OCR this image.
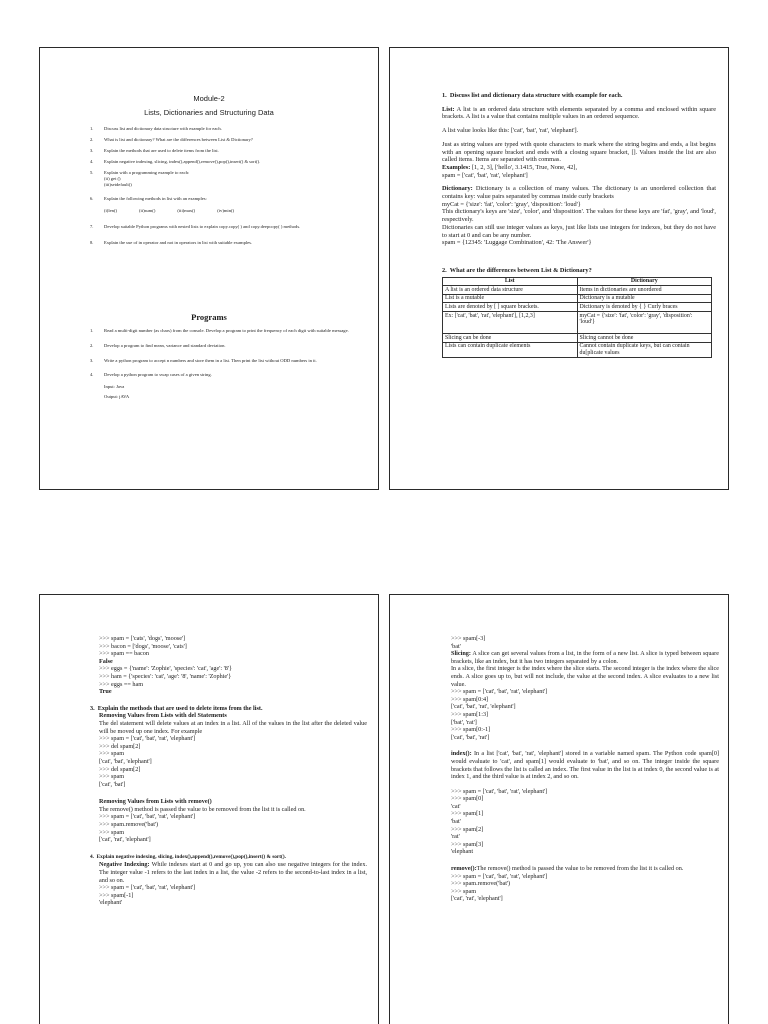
Module-2
Lists, Dictionaries and Structuring Data
1. Discuss list and dictionary data structure with example for each.
2. What is list and dictionary? What are the differences between List & Dictionary?
3. Explain the methods that are used to delete items from the list.
4. Explain negative indexing, slicing, index(),append(),remove(),pop(),insert() & sort().
5. Explain with a programming example to each:
(ii) get ()
(iii)setdefault()
6. Explain the following methods in list with an examples:
(i)len()	(ii)sum()	(iii)max()	(iv)min()
7. Develop suitable Python programs with nested lists to explain copy.copy( ) and copy.deepcopy( ) methods.
8. Explain the use of in operator and not in operators in list with suitable examples.
Programs
1. Read a multi-digit number (as chars) from the console. Develop a program to print the frequency of each digit with suitable message.
2. Develop a program to find mean, variance and standard deviation.
3. Write a python program to accept n numbers and store them in a list. Then print the list without ODD numbers in it.
4. Develop a python program to swap cases of a given string.
Input: Java
Output: jAVA

1. Discuss list and dictionary data structure with example for each.

List: A list is an ordered data structure with elements separated by a comma and enclosed within square brackets. A list is a value that contains multiple values in an ordered sequence.

A list value looks like this: ['cat', 'bat', 'rat', 'elephant'].

Just as string values are typed with quote characters to mark where the string begins and ends, a list begins with an opening square bracket and ends with a closing square bracket, []. Values inside the list are also called items. Items are separated with commas.

Examples: [1, 2, 3], ['hello', 3.1415, True, None, 42],
spam = ['cat', 'bat', 'rat', 'elephant']

Dictionary: Dictionary is a collection of many values. The dictionary is an unordered collection that contains key: value pairs separated by commas inside curly brackets

myCat = {'size': 'fat', 'color': 'gray', 'disposition': 'loud'}

This dictionary's keys are 'size', 'color', and 'disposition'. The values for these keys are 'fat', 'gray', and 'loud', respectively.

Dictionaries can still use integer values as keys, just like lists use integers for indexes, but they do not have to start at 0 and can be any number.

spam = {12345: 'Luggage Combination', 42: 'The Answer'}

2. What are the differences between List & Dictionary?

List	Dictionary
A list is an ordered data structure	Items in dictionaries are unordered
List is a mutable	Dictionary is a mutable
Lists are denoted by [ ] square brackets.	Dictionary is denoted by { } Curly braces
Ex: ['cat', 'bat', 'rat', 'elephant'], [1,2,3]	myCat = {'size': 'fat', 'color': 'gray', 'disposition': 'loud'}
Slicing can be done	Slicing cannot be done
Lists can contain duplicate elements	Cannot contain duplicate keys, but can contain du[plicate values
>>> spam = ['cats', 'dogs', 'moose']
>>> bacon = ['dogs', 'moose', 'cats']
>>> spam == bacon
False
>>> eggs = {'name': 'Zophie', 'species': 'cat', 'age': '8'}
>>> ham = {'species': 'cat', 'age': '8', 'name': 'Zophie'}
>>> eggs == ham
True
3. Explain the methods that are used to delete items from the list.
Removing Values from Lists with del Statements

The del statement will delete values at an index in a list. All of the values in the list after the deleted value will be moved up one index. For example

>>> spam = ['cat', 'bat', 'rat', 'elephant']
>>> del spam[2]
>>> spam
['cat', 'bat', 'elephant']
>>> del spam[2]
>>> spam
['cat', 'bat']
Removing Values from Lists with remove()

The remove() method is passed the value to be removed from the list it is called on.

>>> spam = ['cat', 'bat', 'rat', 'elephant']
>>> spam.remove('bat')
>>> spam
['cat', 'rat', 'elephant']
4. Explain negative indexing, slicing, index(),append(),remove(),pop(),insert() & sort().

Negative Indexing: While indexes start at 0 and go up, you can also use negative integers for the index. The integer value -1 refers to the last index in a list, the value -2 refers to the second-to-last index in a list, and so on.

>>> spam = ['cat', 'bat', 'rat', 'elephant']
>>> spam[-1]
'elephant'
>>> spam[-3]
'bat'

Slicing: A slice can get several values from a list, in the form of a new list. A slice is typed between square brackets, like an index, but it has two integers separated by a colon.

In a slice, the first integer is the index where the slice starts. The second integer is the index where the slice ends. A slice goes up to, but will not include, the value at the second index. A slice evaluates to a new list value.

>>> spam = ['cat', 'bat', 'rat', 'elephant']
>>> spam[0:4]
['cat', 'bat', 'rat', 'elephant']
>>> spam[1:3]
['bat', 'rat']
>>> spam[0:-1]
['cat', 'bat', 'rat']

index(): In a list ['cat', 'bat', 'rat', 'elephant'] stored in a variable named spam. The Python code spam[0] would evaluate to 'cat', and spam[1] would evaluate to 'bat', and so on. The integer inside the square brackets that follows the list is called an index. The first value in the list is at index 0, the second value is at index 1, and the third value is at index 2, and so on.

>>> spam = ['cat', 'bat', 'rat', 'elephant']
>>> spam[0]
'cat'
>>> spam[1]
'bat'
>>> spam[2]
'rat'
>>> spam[3]
'elephant

remove():The remove() method is passed the value to be removed from the list it is called on.

>>> spam = ['cat', 'bat', 'rat', 'elephant']
>>> spam.remove('bat')
>>> spam
['cat', 'rat', 'elephant']
